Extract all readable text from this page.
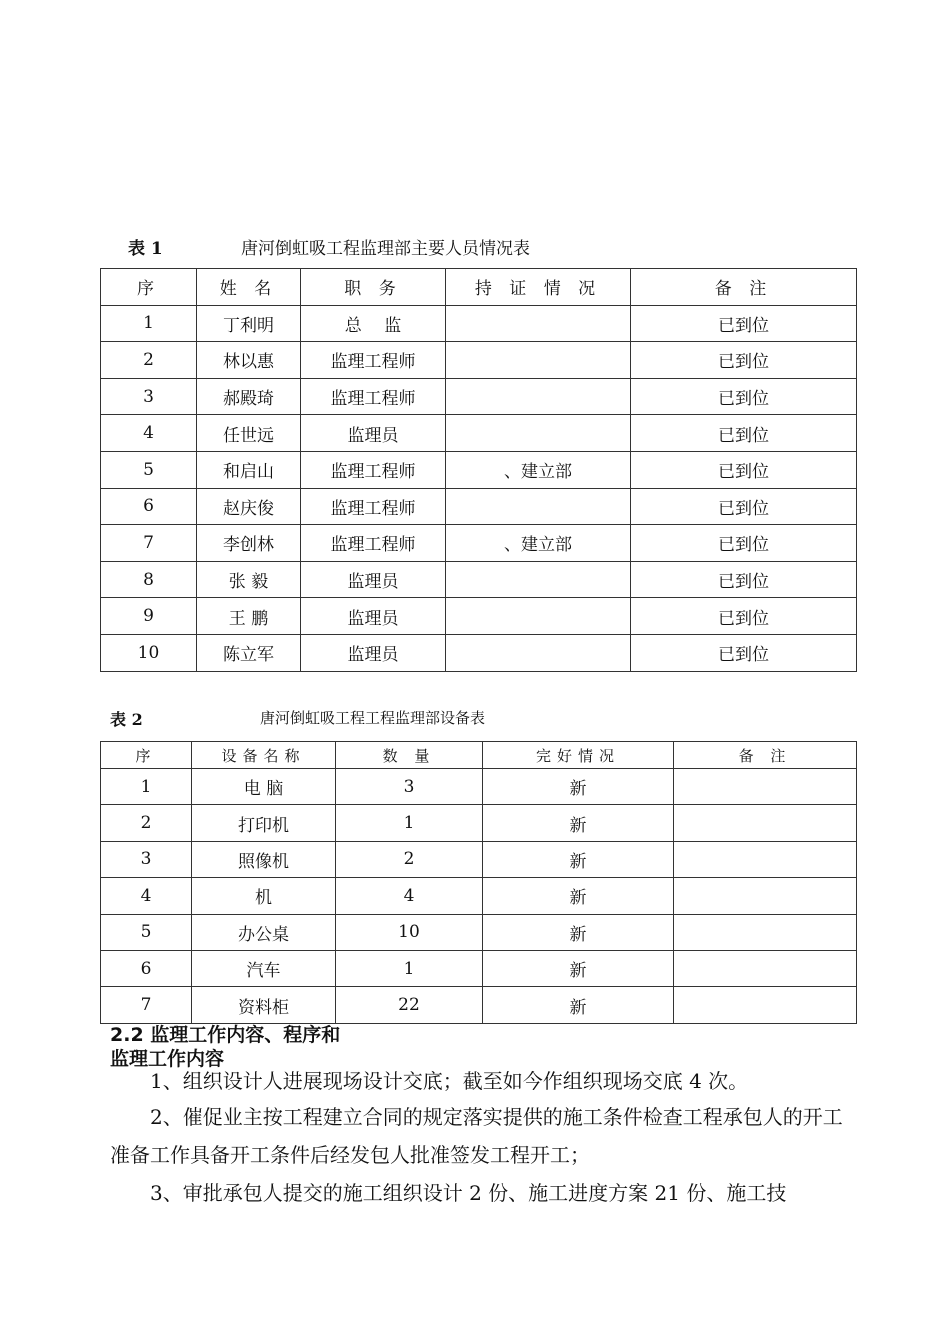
表 1	唐河倒虹吸工程监理部主要人员情况表
序	姓 名	职 务	持 证 情 况	备 注
1	丁利明	总　 监		已到位
2	林以惠	监理工程师		已到位
3	郝殿琦	监理工程师		已到位
4	任世远	监理员		已到位
5	和启山	监理工程师	、建立部	已到位
6	赵庆俊	监理工程师		已到位
7	李创林	监理工程师	、建立部	已到位
8	张 毅	监理员		已到位
9	王 鹏	监理员		已到位
10	陈立军	监理员		已到位
表 2	唐河倒虹吸工程工程监理部设备表
序	设备名称	数 量	完好情况	备 注
1	电 脑	3	新	
2	打印机	1	新	
3	照像机	2	新	
4	机	4	新	
5	办公桌	10	新	
6	汽车	1	新	
7	资料柜	22	新	
2.2 监理工作内容、程序和
监理工作内容

1、组织设计人进展现场设计交底；截至如今作组织现场交底 4 次。

2、催促业主按工程建立合同的规定落实提供的施工条件检查工程承包人的开工准备工作具备开工条件后经发包人批准签发工程开工；

3、审批承包人提交的施工组织设计 2 份、施工进度方案 21 份、施工技
